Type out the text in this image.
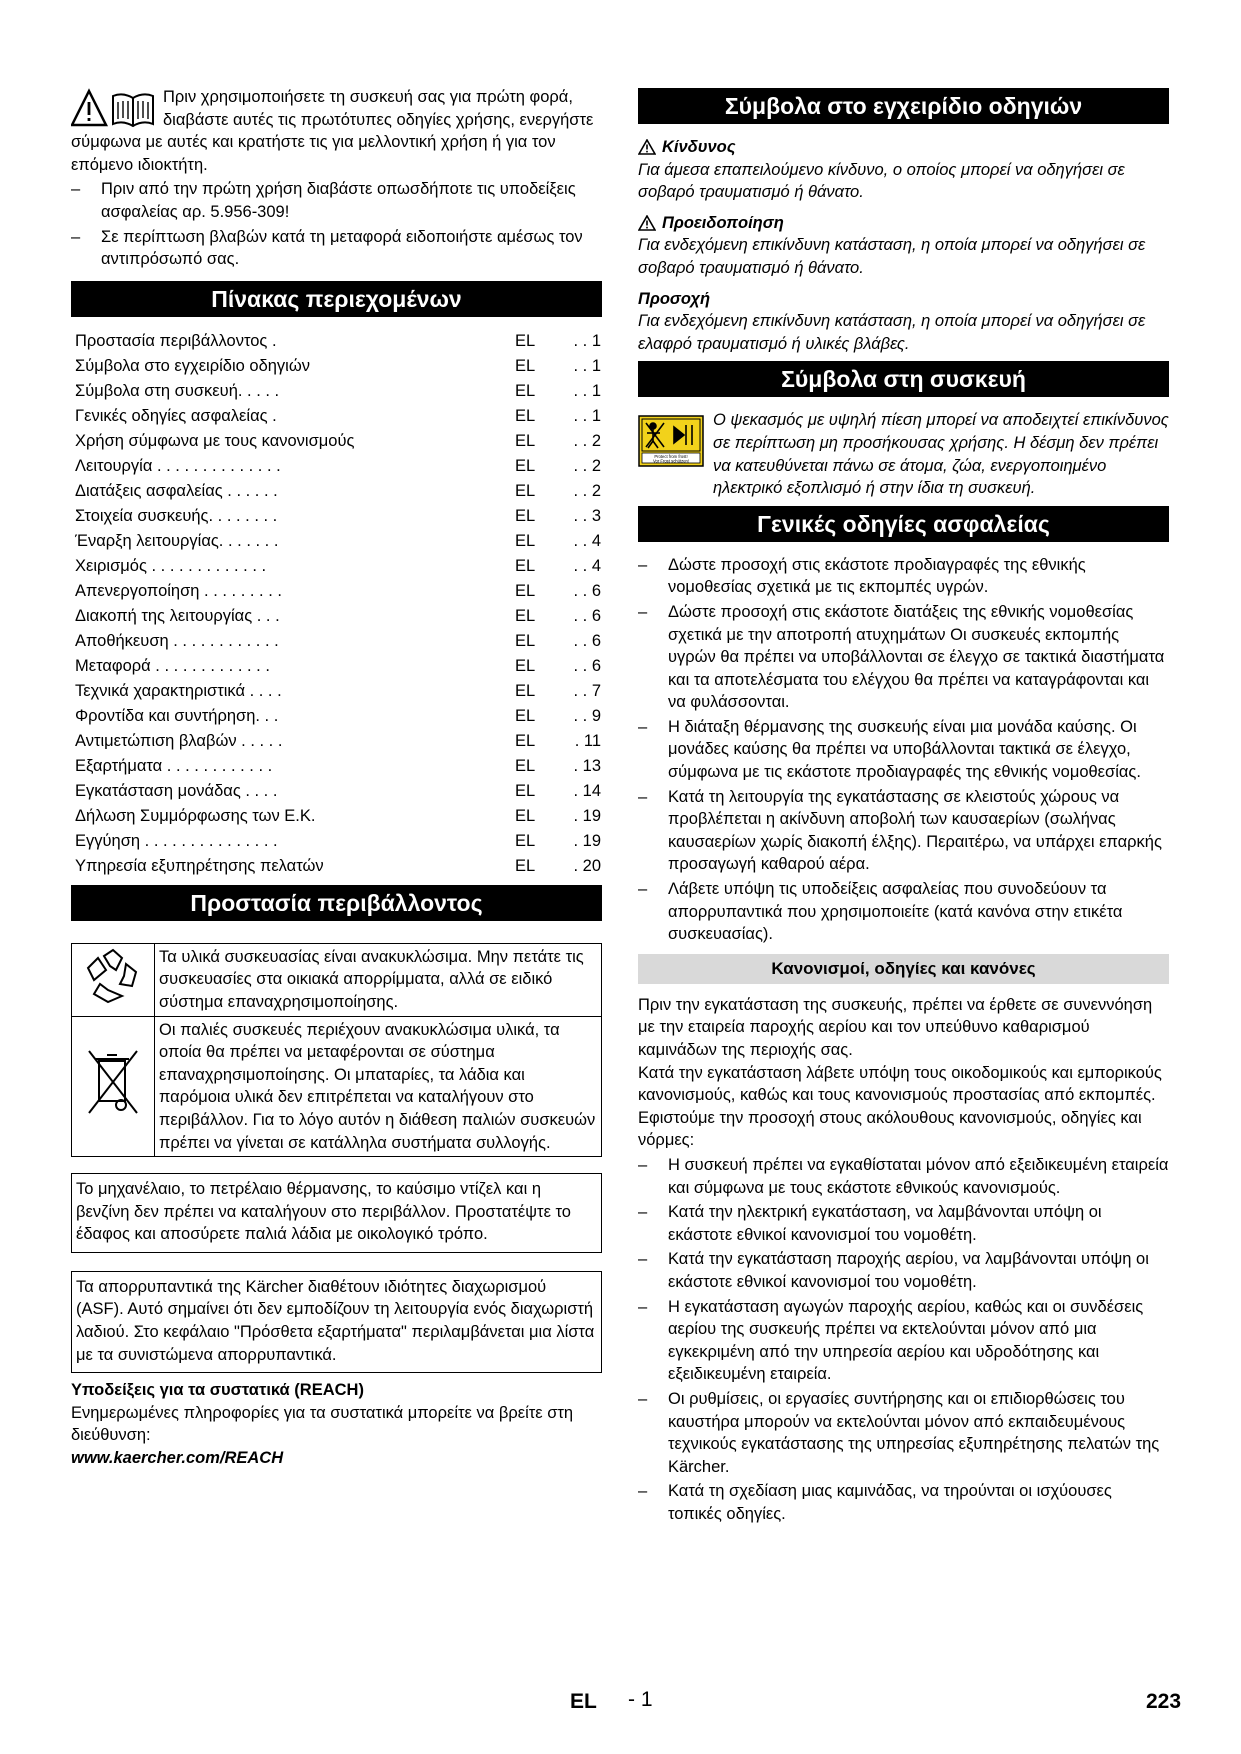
Πριν χρησιμοποιήσετε τη συσκευή σας για πρώτη φορά, διαβάστε αυτές τις πρωτότυπες οδηγίες χρήσης, ενεργήστε σύμφωνα με αυτές και κρατήστε τις για μελλοντική χρήση ή για τον επόμενο ιδιοκτήτη.

– Πριν από την πρώτη χρήση διαβάστε οπωσδήποτε τις υποδείξεις ασφαλείας αρ. 5.956-309!
– Σε περίπτωση βλαβών κατά τη μεταφορά ειδοποιήστε αμέσως τον αντιπρόσωπό σας.
Πίνακας περιεχομένων
Προστασία περιβάλλοντος .	EL	. . 1
Σύμβολα στο εγχειρίδιο οδηγιών	EL	. . 1
Σύμβολα στη συσκευή. . . . .	EL	. . 1
Γενικές οδηγίες ασφαλείας .	EL	. . 1
Χρήση σύμφωνα με τους κανονισμούς	EL	. . 2
Λειτουργία . . . . . . . . . . . . . .	EL	. . 2
Διατάξεις ασφαλείας . . . . . .	EL	. . 2
Στοιχεία συσκευής. . . . . . . .	EL	. . 3
Έναρξη λειτουργίας. . . . . . .	EL	. . 4
Χειρισμός . . . . . . . . . . . . .	EL	. . 4
Απενεργοποίηση . . . . . . . . .	EL	. . 6
Διακοπή της λειτουργίας . . .	EL	. . 6
Αποθήκευση . . . . . . . . . . . .	EL	. . 6
Μεταφορά . . . . . . . . . . . . .	EL	. . 6
Τεχνικά χαρακτηριστικά . . . .	EL	. . 7
Φροντίδα και συντήρηση. . .	EL	. . 9
Αντιμετώπιση βλαβών . . . . .	EL	. 11
Εξαρτήματα . . . . . . . . . . . .	EL	. 13
Εγκατάσταση μονάδας . . . .	EL	. 14
Δήλωση Συμμόρφωσης των Ε.Κ.	EL	. 19
Εγγύηση . . . . . . . . . . . . . . .	EL	. 19
Υπηρεσία εξυπηρέτησης πελατών	EL	. 20
Προστασία περιβάλλοντος

Τα υλικά συσκευασίας είναι ανακυκλώσιμα. Μην πετάτε τις συσκευασίες στα οικιακά απορρίμματα, αλλά σε ειδικό σύστημα επαναχρησιμοποίησης.

Οι παλιές συσκευές περιέχουν ανακυκλώσιμα υλικά, τα οποία θα πρέπει να μεταφέρονται σε σύστημα επαναχρησιμοποίησης. Οι μπαταρίες, τα λάδια και παρόμοια υλικά δεν επιτρέπεται να καταλήγουν στο περιβάλλον. Για το λόγο αυτόν η διάθεση παλιών συσκευών πρέπει να γίνεται σε κατάλληλα συστήματα συλλογής.

Το μηχανέλαιο, το πετρέλαιο θέρμανσης, το καύσιμο ντίζελ και η βενζίνη δεν πρέπει να καταλήγουν στο περιβάλλον. Προστατέψτε το έδαφος και αποσύρετε παλιά λάδια με οικολογικό τρόπο.

Τα απορρυπαντικά της Kärcher διαθέτουν ιδιότητες διαχωρισμού (ASF). Αυτό σημαίνει ότι δεν εμποδίζουν τη λειτουργία ενός διαχωριστή λαδιού. Στο κεφάλαιο "Πρόσθετα εξαρτήματα" περιλαμβάνεται μια λίστα με τα συνιστώμενα απορρυπαντικά.

Υποδείξεις για τα συστατικά (REACH)

Ενημερωμένες πληροφορίες για τα συστατικά μπορείτε να βρείτε στη διεύθυνση:

www.kaercher.com/REACH

Σύμβολα στο εγχειρίδιο οδηγιών
Κίνδυνος

Για άμεσα επαπειλούμενο κίνδυνο, ο οποίος μπορεί να οδηγήσει σε σοβαρό τραυματισμό ή θάνατο.

Προειδοποίηση

Για ενδεχόμενη επικίνδυνη κατάσταση, η οποία μπορεί να οδηγήσει σε σοβαρό τραυματισμό ή θάνατο.

Προσοχή

Για ενδεχόμενη επικίνδυνη κατάσταση, η οποία μπορεί να οδηγήσει σε ελαφρό τραυματισμό ή υλικές βλάβες.

Σύμβολα στη συσκευή
Protect from frost!
Vor Frost schützen!

Ο ψεκασμός με υψηλή πίεση μπορεί να αποδειχτεί επικίνδυνος σε περίπτωση μη προσήκουσας χρήσης. Η δέσμη δεν πρέπει να κατευθύνεται πάνω σε άτομα, ζώα, ενεργοποιημένο ηλεκτρικό εξοπλισμό ή στην ίδια τη συσκευή.

Γενικές οδηγίες ασφαλείας
– Δώστε προσοχή στις εκάστοτε προδιαγραφές της εθνικής νομοθεσίας σχετικά με τις εκπομπές υγρών.
– Δώστε προσοχή στις εκάστοτε διατάξεις της εθνικής νομοθεσίας σχετικά με την αποτροπή ατυχημάτων Οι συσκευές εκπομπής υγρών θα πρέπει να υποβάλλονται σε έλεγχο σε τακτικά διαστήματα και τα αποτελέσματα του ελέγχου θα πρέπει να καταγράφονται και να φυλάσσονται.
– Η διάταξη θέρμανσης της συσκευής είναι μια μονάδα καύσης. Οι μονάδες καύσης θα πρέπει να υποβάλλονται τακτικά σε έλεγχο, σύμφωνα με τις εκάστοτε προδιαγραφές της εθνικής νομοθεσίας.
– Κατά τη λειτουργία της εγκατάστασης σε κλειστούς χώρους να προβλέπεται η ακίνδυνη αποβολή των καυσαερίων (σωλήνας καυσαερίων χωρίς διακοπή έλξης). Περαιτέρω, να υπάρχει επαρκής προσαγωγή καθαρού αέρα.
– Λάβετε υπόψη τις υποδείξεις ασφαλείας που συνοδεύουν τα απορρυπαντικά που χρησιμοποιείτε (κατά κανόνα στην ετικέτα συσκευασίας).
Κανονισμοί, οδηγίες και κανόνες

Πριν την εγκατάσταση της συσκευής, πρέπει να έρθετε σε συνεννόηση με την εταιρεία παροχής αερίου και τον υπεύθυνο καθαρισμού καμινάδων της περιοχής σας.

Κατά την εγκατάσταση λάβετε υπόψη τους οικοδομικούς και εμπορικούς κανονισμούς, καθώς και τους κανονισμούς προστασίας από εκπομπές. Εφιστούμε την προσοχή στους ακόλουθους κανονισμούς, οδηγίες και νόρμες:

– Η συσκευή πρέπει να εγκαθίσταται μόνον από εξειδικευμένη εταιρεία και σύμφωνα με τους εκάστοτε εθνικούς κανονισμούς.
– Κατά την ηλεκτρική εγκατάσταση, να λαμβάνονται υπόψη οι εκάστοτε εθνικοί κανονισμοί του νομοθέτη.
– Κατά την εγκατάσταση παροχής αερίου, να λαμβάνονται υπόψη οι εκάστοτε εθνικοί κανονισμοί του νομοθέτη.
– Η εγκατάσταση αγωγών παροχής αερίου, καθώς και οι συνδέσεις αερίου της συσκευής πρέπει να εκτελούνται μόνον από μια εγκεκριμένη από την υπηρεσία αερίου και υδροδότησης και εξειδικευμένη εταιρεία.
– Οι ρυθμίσεις, οι εργασίες συντήρησης και οι επιδιορθώσεις του καυστήρα μπορούν να εκτελούνται μόνον από εκπαιδευμένους τεχνικούς εγκατάστασης της υπηρεσίας εξυπηρέτησης πελατών της Kärcher.
– Κατά τη σχεδίαση μιας καμινάδας, να τηρούνται οι ισχύουσες τοπικές οδηγίες.
EL - 1	223
